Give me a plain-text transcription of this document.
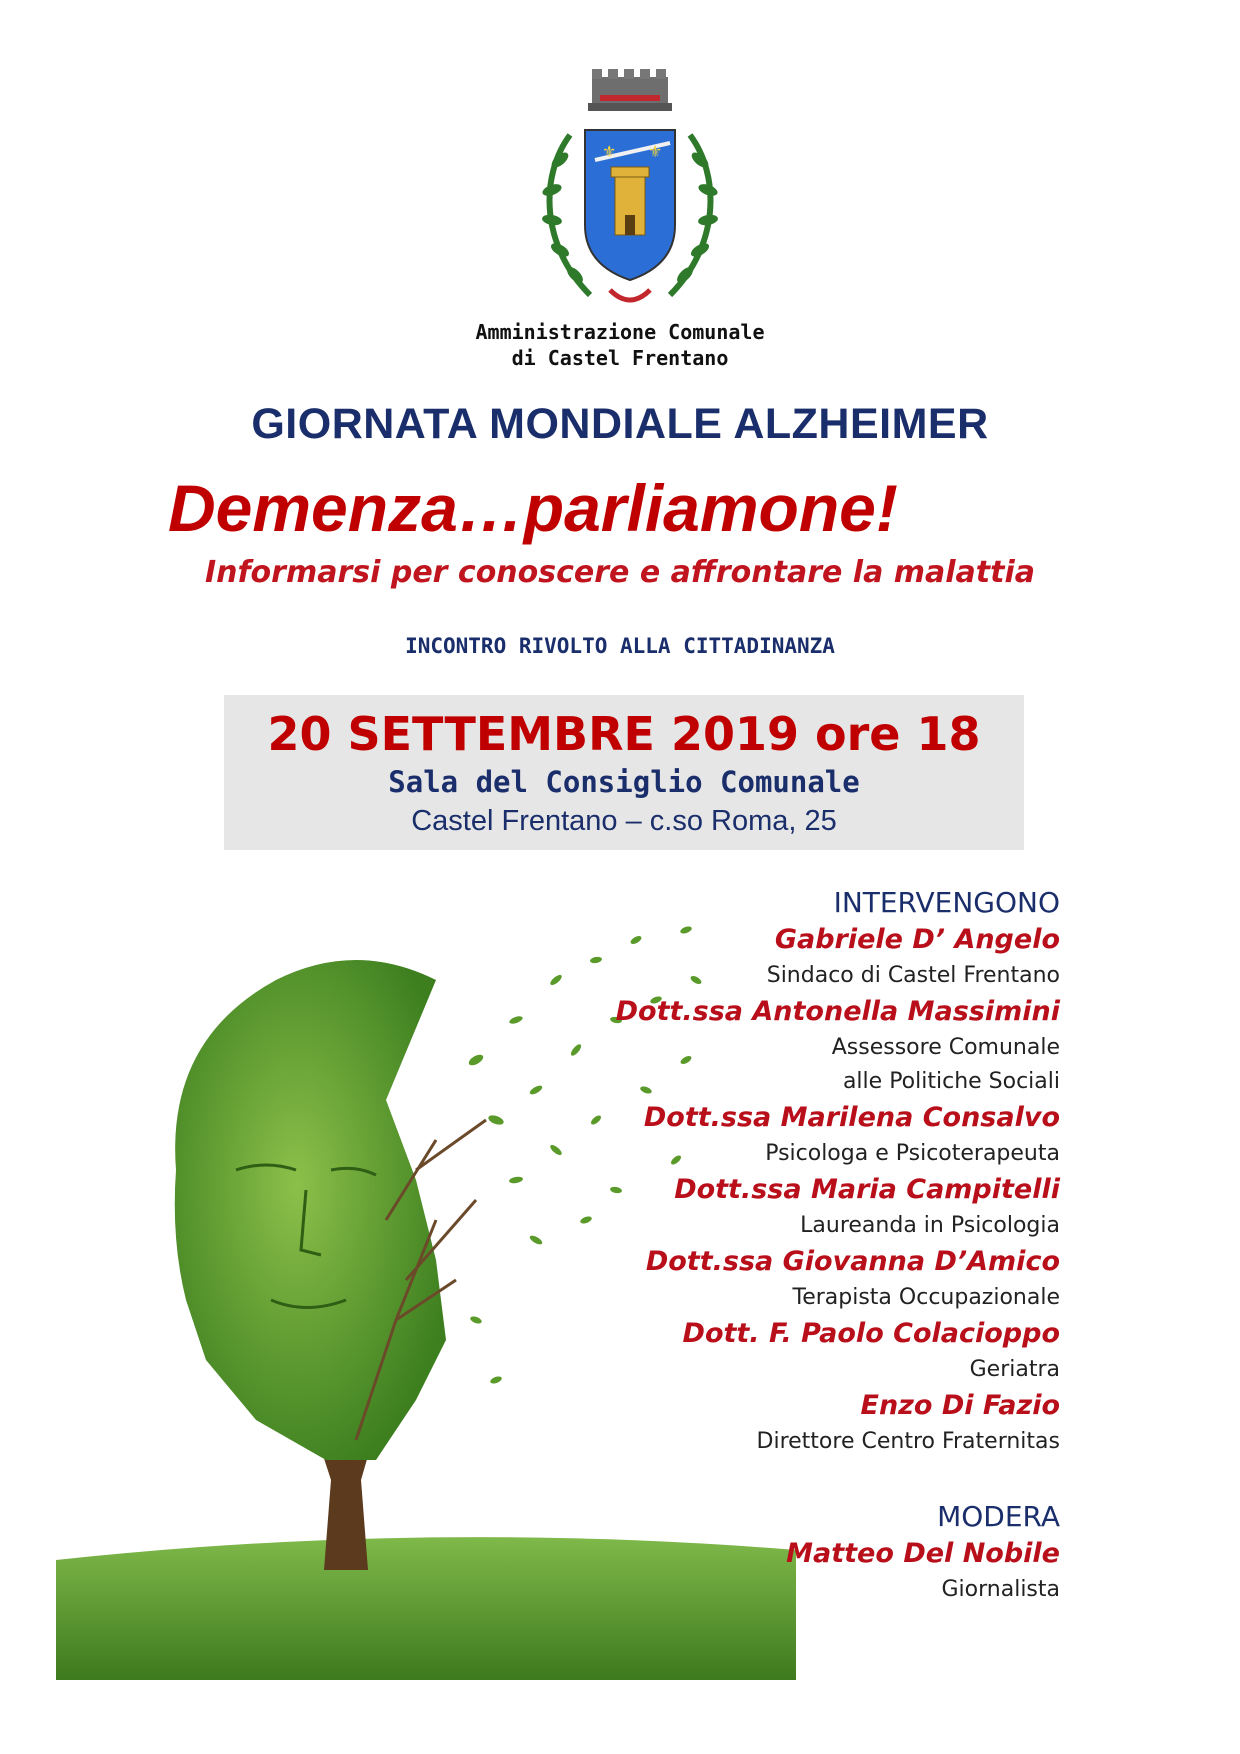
⚜ ⚜
Amministrazione Comunale
di Castel Frentano
GIORNATA MONDIALE ALZHEIMER
Demenza…parliamone!
Informarsi per conoscere e affrontare la malattia
INCONTRO RIVOLTO ALLA CITTADINANZA
20 SETTEMBRE 2019 ore 18
Sala del Consiglio Comunale
Castel Frentano – c.so Roma, 25
INTERVENGONO
Gabriele D’ Angelo
Sindaco di Castel Frentano
Dott.ssa Antonella Massimini
Assessore Comunale
alle Politiche Sociali
Dott.ssa Marilena Consalvo
Psicologa e Psicoterapeuta
Dott.ssa Maria Campitelli
Laureanda in Psicologia
Dott.ssa Giovanna D’Amico
Terapista Occupazionale
Dott. F. Paolo Colacioppo
Geriatra
Enzo Di Fazio
Direttore Centro Fraternitas
MODERA
Matteo Del Nobile
Giornalista
